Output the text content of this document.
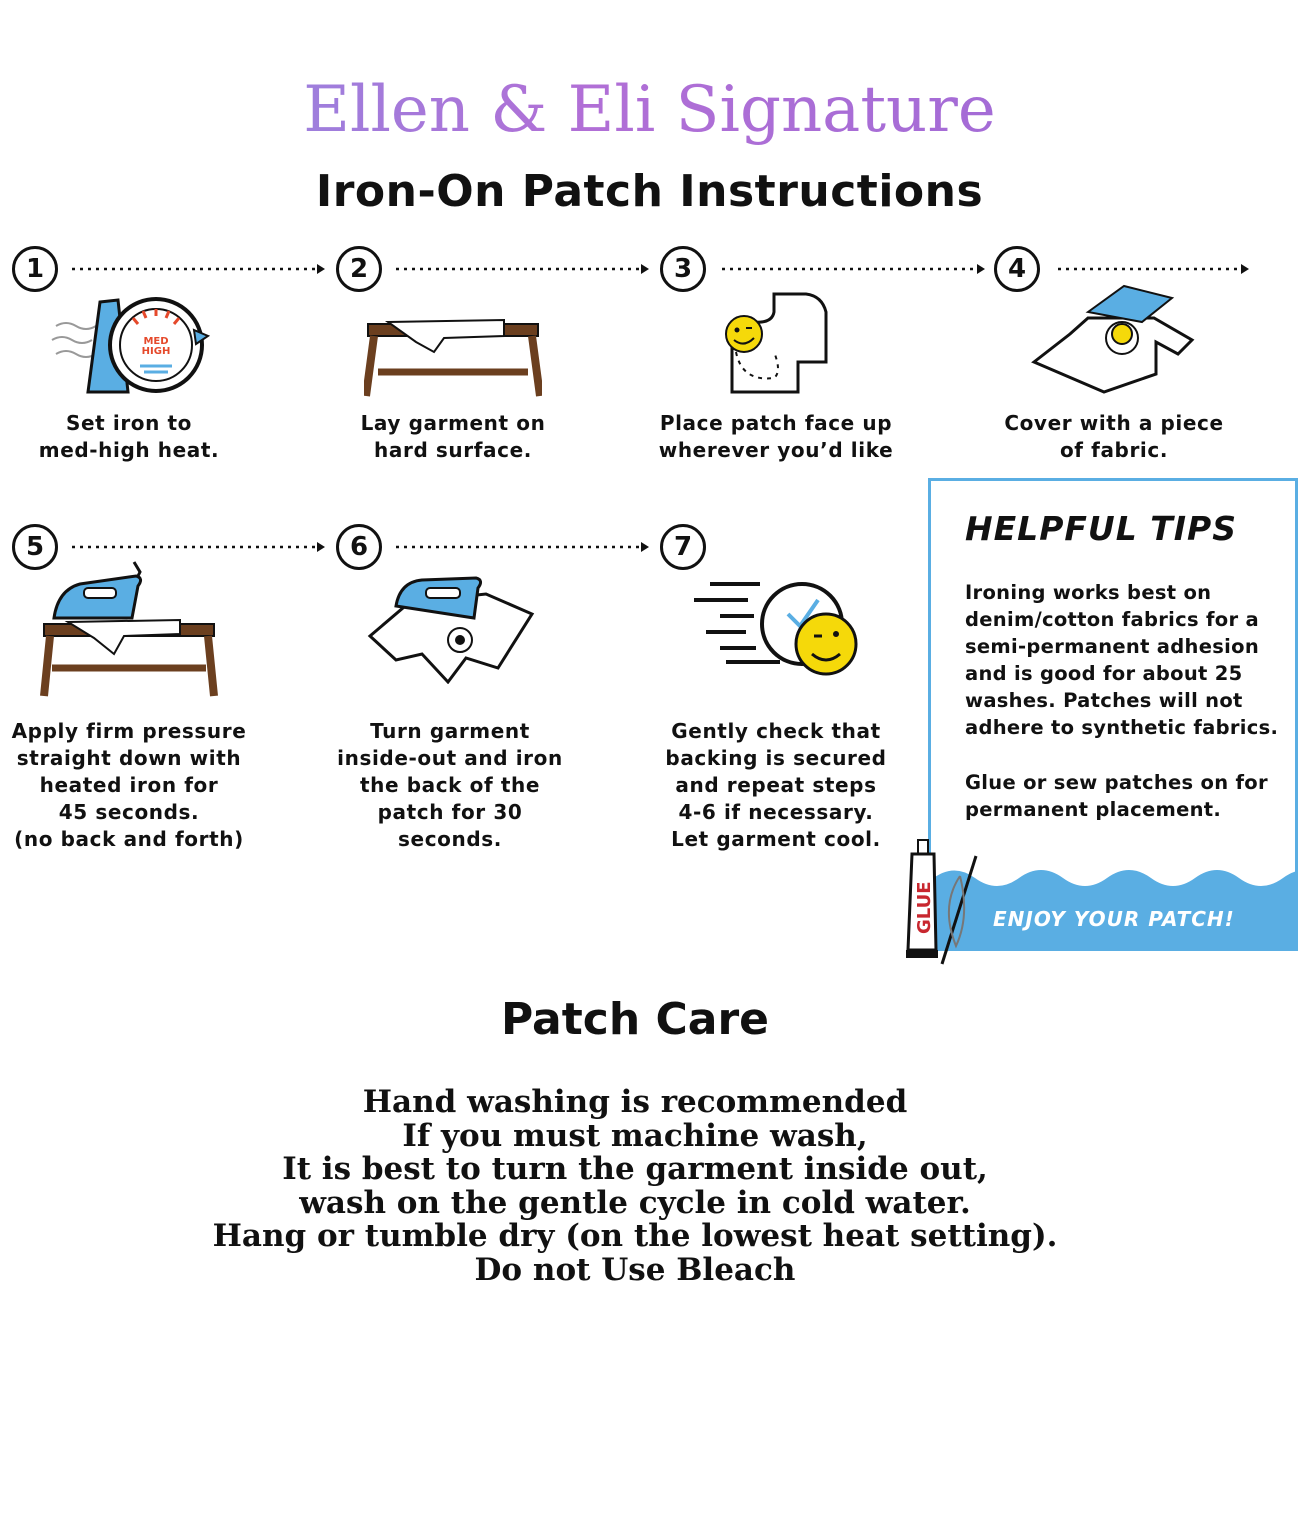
Ellen & Eli Signature
Iron-On Patch Instructions
1	2	3	4
MED
HIGH
Set iron to
med-high heat.
Lay garment on
hard surface.
Place patch face up
wherever you’d like
Cover with a piece
of fabric.
5	6	7
Apply firm pressure
straight down with
heated iron for
45 seconds.
(no back and forth)
Turn garment
inside-out and iron
the back of the
patch for 30
seconds.
Gently check that
backing is secured
and repeat steps
4-6 if necessary.
Let garment cool.
HELPFUL TIPS
Ironing works best on
denim/cotton fabrics for a
semi-permanent adhesion
and is good for about 25
washes. Patches will not
adhere to synthetic fabrics.
Glue or sew patches on for
permanent placement.
ENJOY YOUR PATCH!
GLUE
Patch Care
Hand washing is recommended
If you must machine wash,
It is best to turn the garment inside out,
wash on the gentle cycle in cold water.
Hang or tumble dry (on the lowest heat setting).
Do not Use Bleach
